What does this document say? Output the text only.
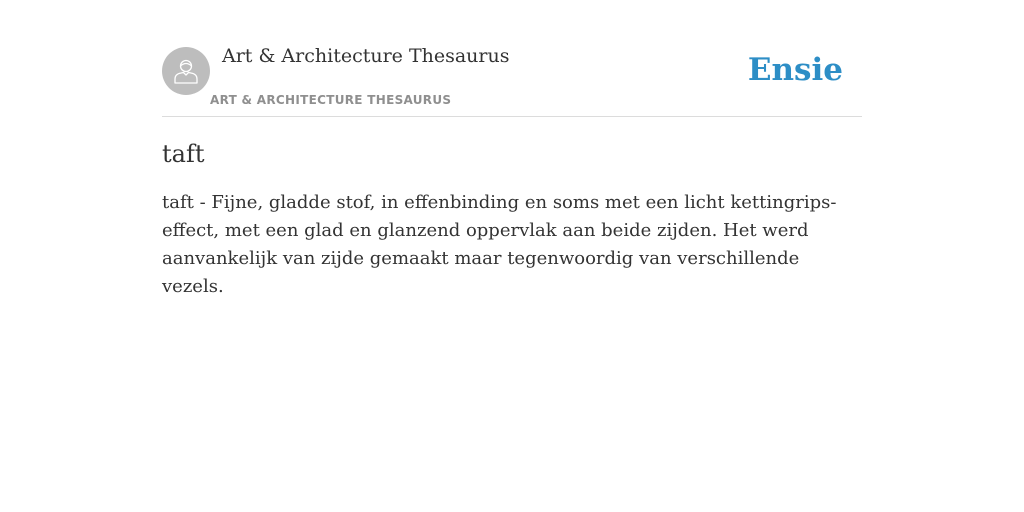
Art & Architecture Thesaurus
ART & ARCHITECTURE THESAURUS
Ensie
taft

taft - Fijne, gladde stof, in effenbinding en soms met een licht kettingrips-effect, met een glad en glanzend oppervlak aan beide zijden. Het werd aanvankelijk van zijde gemaakt maar tegenwoordig van verschillende vezels.
